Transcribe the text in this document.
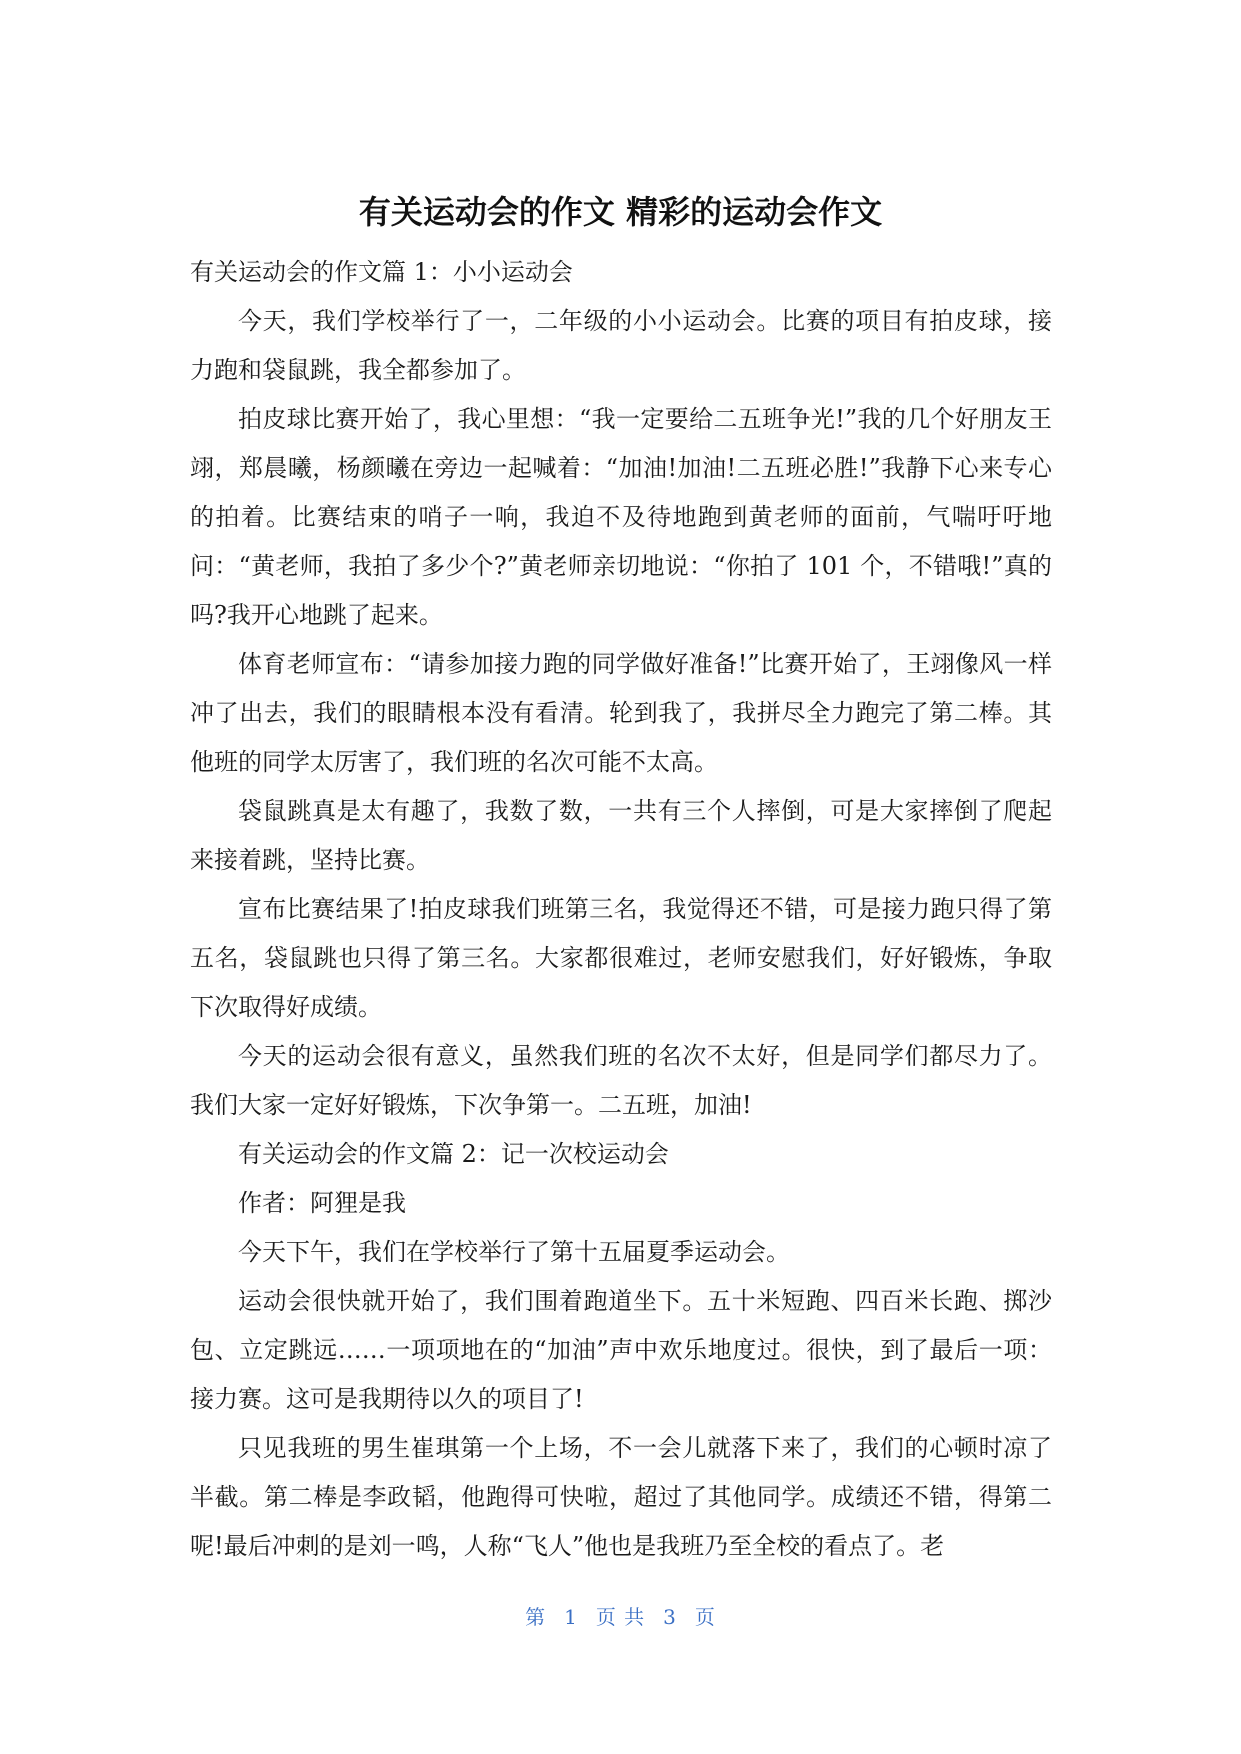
有关运动会的作文 精彩的运动会作文

有关运动会的作文篇 1：小小运动会

今天，我们学校举行了一，二年级的小小运动会。比赛的项目有拍皮球，接力跑和袋鼠跳，我全都参加了。

拍皮球比赛开始了，我心里想：“我一定要给二五班争光!”我的几个好朋友王翊，郑晨曦，杨颜曦在旁边一起喊着：“加油!加油!二五班必胜!”我静下心来专心的拍着。比赛结束的哨子一响，我迫不及待地跑到黄老师的面前，气喘吁吁地问：“黄老师，我拍了多少个?”黄老师亲切地说：“你拍了 101 个，不错哦!”真的吗?我开心地跳了起来。

体育老师宣布：“请参加接力跑的同学做好准备!”比赛开始了，王翊像风一样冲了出去，我们的眼睛根本没有看清。轮到我了，我拼尽全力跑完了第二棒。其他班的同学太厉害了，我们班的名次可能不太高。

袋鼠跳真是太有趣了，我数了数，一共有三个人摔倒，可是大家摔倒了爬起来接着跳，坚持比赛。

宣布比赛结果了!拍皮球我们班第三名，我觉得还不错，可是接力跑只得了第五名，袋鼠跳也只得了第三名。大家都很难过，老师安慰我们，好好锻炼，争取下次取得好成绩。

今天的运动会很有意义，虽然我们班的名次不太好，但是同学们都尽力了。我们大家一定好好锻炼，下次争第一。二五班，加油!

有关运动会的作文篇 2：记一次校运动会

作者：阿狸是我

今天下午，我们在学校举行了第十五届夏季运动会。

运动会很快就开始了，我们围着跑道坐下。五十米短跑、四百米长跑、掷沙包、立定跳远……一项项地在的“加油”声中欢乐地度过。很快，到了最后一项：接力赛。这可是我期待以久的项目了!

只见我班的男生崔琪第一个上场，不一会儿就落下来了，我们的心顿时凉了半截。第二棒是李政韬，他跑得可快啦，超过了其他同学。成绩还不错，得第二呢!最后冲刺的是刘一鸣，人称“飞人”他也是我班乃至全校的看点了。老

第 1 页 共 3 页
